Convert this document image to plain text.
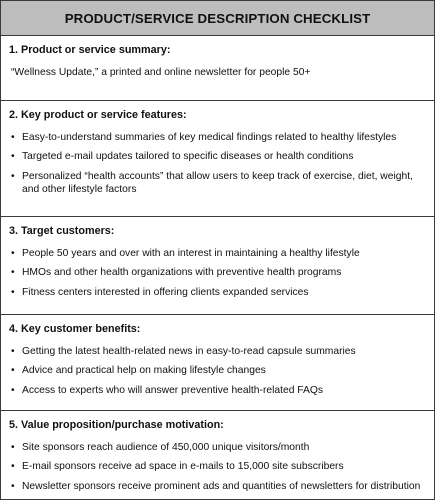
PRODUCT/SERVICE DESCRIPTION CHECKLIST
1. Product or service summary:
“Wellness Update,” a printed and online newsletter for people 50+
2. Key product or service features:
• Easy-to-understand summaries of key medical findings related to healthy lifestyles
• Targeted e-mail updates tailored to specific diseases or health conditions
• Personalized “health accounts” that allow users to keep track of exercise, diet, weight, and other lifestyle factors
3. Target customers:
• People 50 years and over with an interest in maintaining a healthy lifestyle
• HMOs and other health organizations with preventive health programs
• Fitness centers interested in offering clients expanded services
4. Key customer benefits:
• Getting the latest health-related news in easy-to-read capsule summaries
• Advice and practical help on making lifestyle changes
• Access to experts who will answer preventive health-related FAQs
5. Value proposition/purchase motivation:
• Site sponsors reach audience of 450,000 unique visitors/month
• E-mail sponsors receive ad space in e-mails to 15,000 site subscribers
• Newsletter sponsors receive prominent ads and quantities of newsletters for distribution
